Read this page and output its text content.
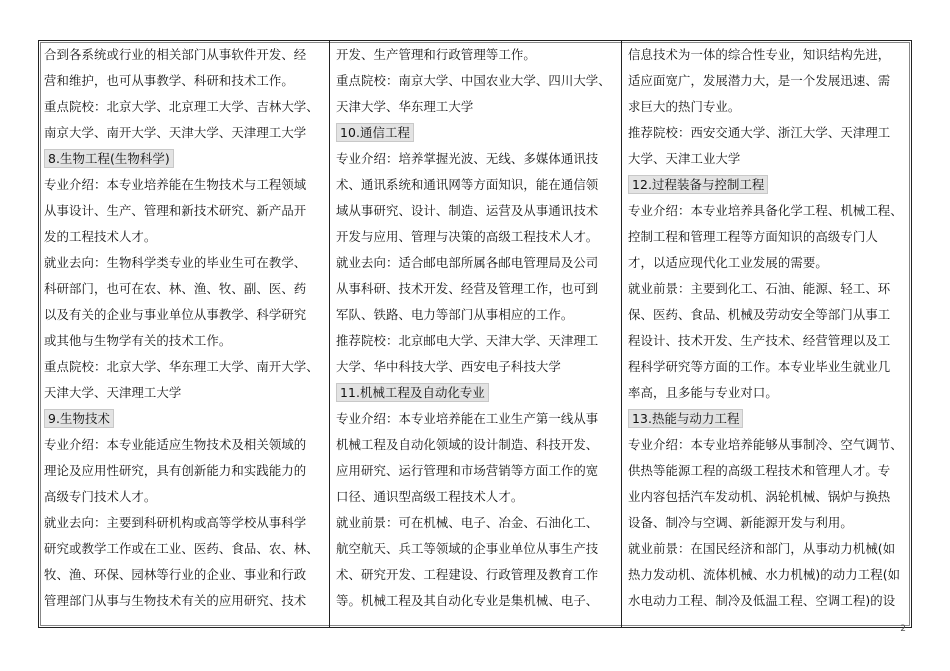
合到各系统或行业的相关部门从事软件开发、经
营和维护，也可从事教学、科研和技术工作。
重点院校：北京大学、北京理工大学、吉林大学、
南京大学、南开大学、天津大学、天津理工大学
8.生物工程(生物科学)
专业介绍：本专业培养能在生物技术与工程领域
从事设计、生产、管理和新技术研究、新产品开
发的工程技术人才。
就业去向：生物科学类专业的毕业生可在教学、
科研部门，也可在农、林、渔、牧、副、医、药
以及有关的企业与事业单位从事教学、科学研究
或其他与生物学有关的技术工作。
重点院校：北京大学、华东理工大学、南开大学、
天津大学、天津理工大学
9.生物技术
专业介绍：本专业能适应生物技术及相关领域的
理论及应用性研究，具有创新能力和实践能力的
高级专门技术人才。
就业去向：主要到科研机构或高等学校从事科学
研究或教学工作或在工业、医药、食品、农、林、
牧、渔、环保、园林等行业的企业、事业和行政
管理部门从事与生物技术有关的应用研究、技术
开发、生产管理和行政管理等工作。
重点院校：南京大学、中国农业大学、四川大学、
天津大学、华东理工大学
10.通信工程
专业介绍：培养掌握光波、无线、多媒体通讯技
术、通讯系统和通讯网等方面知识，能在通信领
域从事研究、设计、制造、运营及从事通讯技术
开发与应用、管理与决策的高级工程技术人才。
就业去向：适合邮电部所属各邮电管理局及公司
从事科研、技术开发、经营及管理工作，也可到
军队、铁路、电力等部门从事相应的工作。
推荐院校：北京邮电大学、天津大学、天津理工
大学、华中科技大学、西安电子科技大学
11.机械工程及自动化专业
专业介绍：本专业培养能在工业生产第一线从事
机械工程及自动化领域的设计制造、科技开发、
应用研究、运行管理和市场营销等方面工作的宽
口径、通识型高级工程技术人才。
就业前景：可在机械、电子、冶金、石油化工、
航空航天、兵工等领域的企事业单位从事生产技
术、研究开发、工程建设、行政管理及教育工作
等。机械工程及其自动化专业是集机械、电子、
信息技术为一体的综合性专业，知识结构先进，
适应面宽广，发展潜力大，是一个发展迅速、需
求巨大的热门专业。
推荐院校：西安交通大学、浙江大学、天津理工
大学、天津工业大学
12.过程装备与控制工程
专业介绍：本专业培养具备化学工程、机械工程、
控制工程和管理工程等方面知识的高级专门人
才，以适应现代化工业发展的需要。
就业前景：主要到化工、石油、能源、轻工、环
保、医药、食品、机械及劳动安全等部门从事工
程设计、技术开发、生产技术、经营管理以及工
程科学研究等方面的工作。本专业毕业生就业几
率高，且多能与专业对口。
13.热能与动力工程
专业介绍：本专业培养能够从事制冷、空气调节、
供热等能源工程的高级工程技术和管理人才。专
业内容包括汽车发动机、涡轮机械、锅炉与换热
设备、制冷与空调、新能源开发与利用。
就业前景：在国民经济和部门，从事动力机械(如
热力发动机、流体机械、水力机械)的动力工程(如
水电动力工程、制冷及低温工程、空调工程)的设
2
